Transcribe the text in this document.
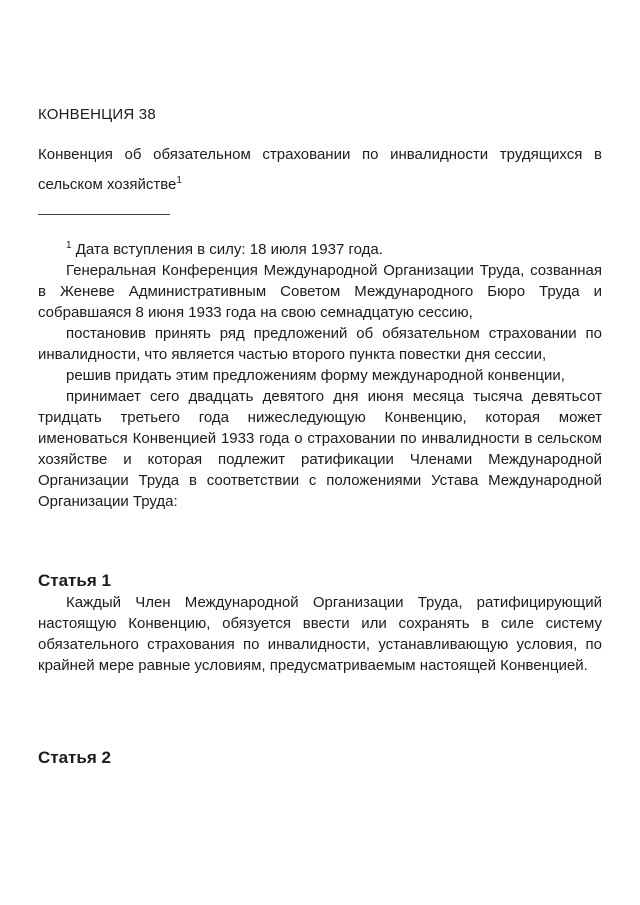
КОНВЕНЦИЯ 38

Конвенция об обязательном страховании по инвалидности трудящихся в сельском хозяйстве$^1$

$^1$ Дата вступления в силу: 18 июля 1937 года.

Генеральная Конференция Международной Организации Труда, созванная в Женеве Административным Советом Международного Бюро Труда и собравшаяся 8 июня 1933 года на свою семнадцатую сессию,

постановив принять ряд предложений об обязательном страховании по инвалидности, что является частью второго пункта повестки дня сессии,

решив придать этим предложениям форму международной конвенции,

принимает сего двадцать девятого дня июня месяца тысяча девятьсот тридцать третьего года нижеследующую Конвенцию, которая может именоваться Конвенцией 1933 года о страховании по инвалидности в сельском хозяйстве и которая подлежит ратификации Членами Международной Организации Труда в соответствии с положениями Устава Международной Организации Труда:

Статья 1

Каждый Член Международной Организации Труда, ратифицирующий настоящую Конвенцию, обязуется ввести или сохранять в силе систему обязательного страхования по инвалидности, устанавливающую условия, по крайней мере равные условиям, предусматриваемым настоящей Конвенцией.

Статья 2
